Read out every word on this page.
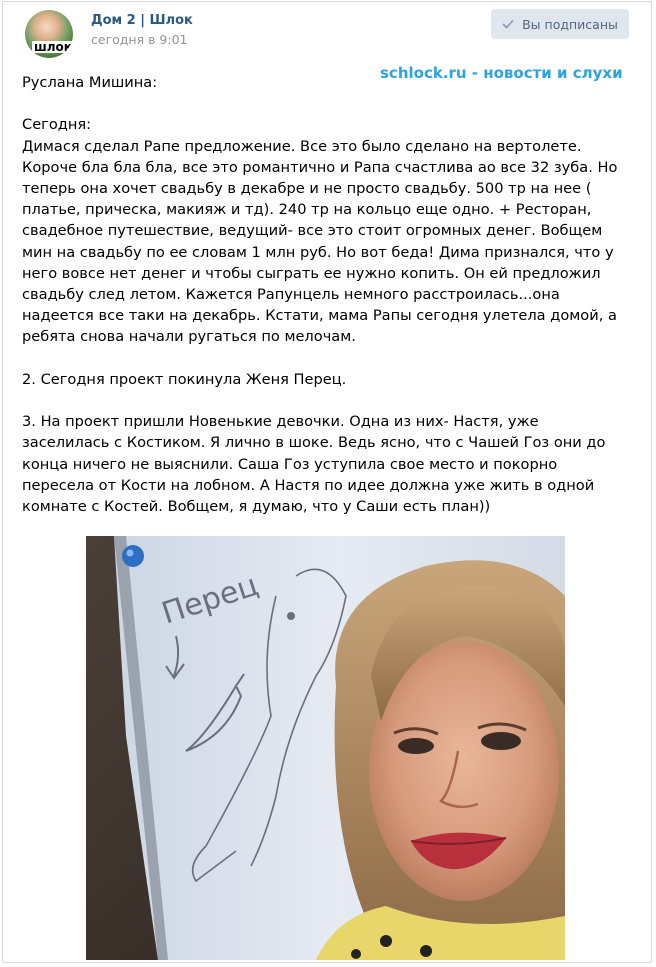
шлок
Дом 2 | Шлок
сегодня в 9:01
Вы подписаны
schlock.ru - новости и слухи

Руслана Мишина:

Сегодня:

Димася сделал Рапе предложение. Все это было сделано на вертолете. Короче бла бла бла, все это романтично и Рапа счастлива ао все 32 зуба. Но теперь она хочет свадьбу в декабре и не просто свадьбу. 500 тр на нее ( платье, прическа, макияж и тд). 240 тр на кольцо еще одно. + Ресторан, свадебное путешествие, ведущий- все это стоит огромных денег. Вобщем мин на свадьбу по ее словам 1 млн руб. Но вот беда! Дима признался, что у него вовсе нет денег и чтобы сыграть ее нужно копить. Он ей предложил свадьбу след летом. Кажется Рапунцель немного расстроилась...она надеется все таки на декабрь. Кстати, мама Рапы сегодня улетела домой, а ребята снова начали ругаться по мелочам.

2. Сегодня проект покинула Женя Перец.

3. На проект пришли Новенькие девочки. Одна из них- Настя, уже заселилась с Костиком. Я лично в шоке. Ведь ясно, что с Чашей Гоз они до конца ничего не выяснили. Саша Гоз уступила свое место и покорно пересела от Кости на лобном. А Настя по идее должна уже жить в одной комнате с Костей. Вобщем, я думаю, что у Саши есть план))

Перец
